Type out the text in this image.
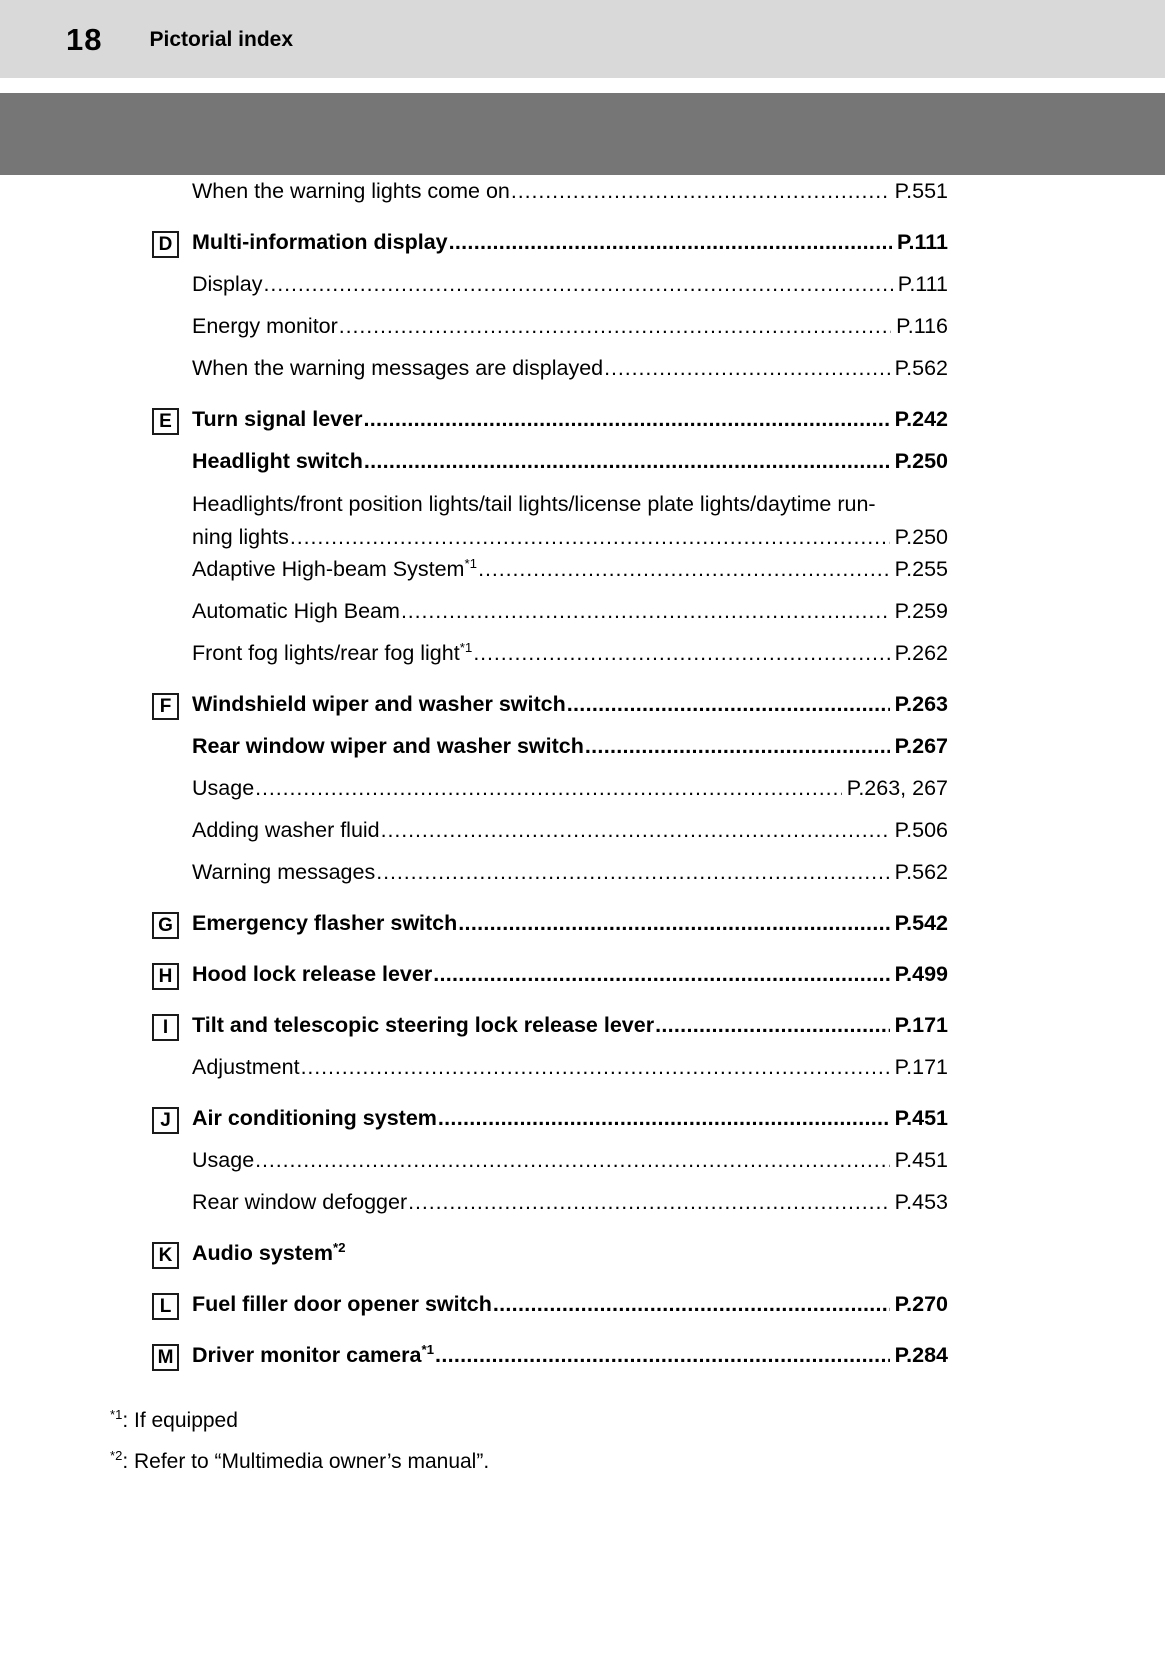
18 Pictorial index
When the warning lights come on .....	P.551
D Multi-information display .....	P.111
Display .....	P.111
Energy monitor .....	P.116
When the warning messages are displayed .....	P.562
E Turn signal lever .....	P.242
Headlight switch .....	P.250
Headlights/front position lights/tail lights/license plate lights/daytime run-
ning lights .....	P.250
Adaptive High-beam System$^{*1}$ .....	P.255
Automatic High Beam .....	P.259
Front fog lights/rear fog light$^{*1}$ .....	P.262
F Windshield wiper and washer switch .....	P.263
Rear window wiper and washer switch .....	P.267
Usage .....	P.263, 267
Adding washer fluid .....	P.506
Warning messages .....	P.562
G Emergency flasher switch .....	P.542
H Hood lock release lever .....	P.499
I	Tilt and telescopic steering lock release lever .....	P.171
Adjustment .....	P.171
J Air conditioning system .....	P.451
Usage .....	P.451
Rear window defogger .....	P.453
K Audio system$^{*2}$
L Fuel filler door opener switch .....	P.270
M Driver monitor camera$^{*1}$ .....	P.284
$^{*1}$: If equipped
$^{*2}$: Refer to “Multimedia owner’s manual”.
